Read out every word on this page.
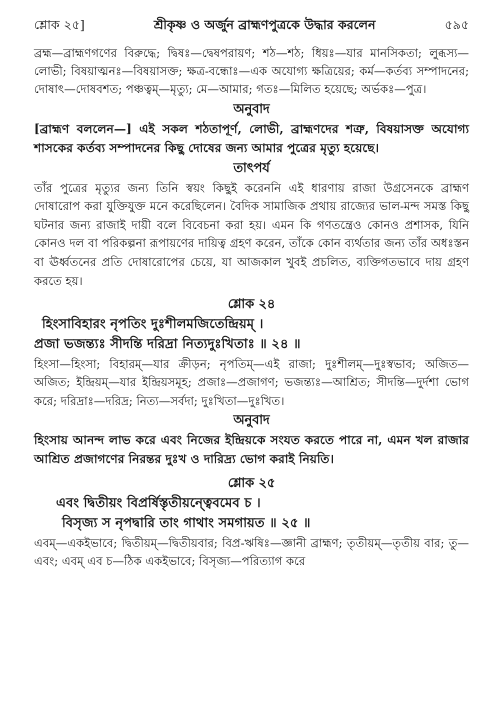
শ্লোক ২৫]	শ্রীকৃষ্ণ ও অর্জুন ব্রাহ্মণপুত্রকে উদ্ধার করলেন	৫৯৫

ব্রহ্ম—ব্রাহ্মণগণের বিরুদ্ধে; দ্বিষঃ—দ্বেষপরায়ণ; শঠ—শঠ; ধিয়ঃ—যার মানসিকতা; লুব্ধস্য—লোভী; বিষয়াত্মনঃ—বিষয়াসক্ত; ক্ষত্র-বন্ধোঃ—এক অযোগ্য ক্ষত্রিয়ের; কর্ম—কর্তব্য সম্পাদনের; দোষাৎ—দোষবশত; পঞ্চত্বম্—মৃত্যু; মে—আমার; গতঃ—মিলিত হয়েছে; অর্ভকঃ—পুত্র।

অনুবাদ

[ব্রাহ্মণ বললেন—] এই সকল শঠতাপূর্ণ, লোভী, ব্রাহ্মণদের শত্রু, বিষয়াসক্ত অযোগ্য শাসকের কর্তব্য সম্পাদনের কিছু দোষের জন্য আমার পুত্রের মৃত্যু হয়েছে।

তাৎপর্য

তাঁর পুত্রের মৃত্যুর জন্য তিনি স্বয়ং কিছুই করেননি এই ধারণায় রাজা উগ্রসেনকে ব্রাহ্মণ দোষারোপ করা যুক্তিযুক্ত মনে করেছিলেন। বৈদিক সামাজিক প্রথায় রাজ্যের ভাল-মন্দ সমস্ত কিছু ঘটনার জন্য রাজাই দায়ী বলে বিবেচনা করা হয়। এমন কি গণতন্ত্রেও কোনও প্রশাসক, যিনি কোনও দল বা পরিকল্পনা রূপায়ণের দায়িত্ব গ্রহণ করেন, তাঁকে কোন ব্যর্থতার জন্য তাঁর অধঃস্তন বা ঊর্ধ্বতনের প্রতি দোষারোপের চেয়ে, যা আজকাল খুবই প্রচলিত, ব্যক্তিগতভাবে দায় গ্রহণ করতে হয়।

শ্লোক ২৪

হিংসাবিহারং নৃপতিং দুঃশীলমজিতেন্দ্রিয়ম্ ।

প্রজা ভজন্ত্যঃ সীদন্তি দরিদ্রা নিত্যদুঃখিতাঃ ॥ ২৪ ॥

হিংসা—হিংসা; বিহারম্—যার ক্রীড়ন; নৃপতিম্—এই রাজা; দুঃশীলম্—দুঃস্বভাব; অজিত—অজিত; ইন্দ্রিয়ম্—যার ইন্দ্রিয়সমূহ; প্রজাঃ—প্রজাগণ; ভজন্ত্যঃ—আশ্রিত; সীদন্তি—দুর্দশা ভোগ করে; দরিদ্রাঃ—দরিদ্র; নিত্য—সর্বদা; দুঃখিতা—দুঃখিত।

অনুবাদ

হিংসায় আনন্দ লাভ করে এবং নিজের ইন্দ্রিয়কে সংযত করতে পারে না, এমন খল রাজার আশ্রিত প্রজাগণের নিরন্তর দুঃখ ও দারিদ্র্য ভোগ করাই নিয়তি।

শ্লোক ২৫

এবং দ্বিতীয়ং বিপ্রর্ষিস্তৃতীয়ন্ত্বেবমেব চ ।

বিসৃজ্য স নৃপদ্বারি তাং গাথাং সমগায়ত ॥ ২৫ ॥

এবম্—একইভাবে; দ্বিতীয়ম্—দ্বিতীয়বার; বিপ্র-ঋষিঃ—জ্ঞানী ব্রাহ্মণ; তৃতীয়ম্—তৃতীয় বার; তু—এবং; এবম্ এব চ—ঠিক একইভাবে; বিসৃজ্য—পরিত্যাগ করে
